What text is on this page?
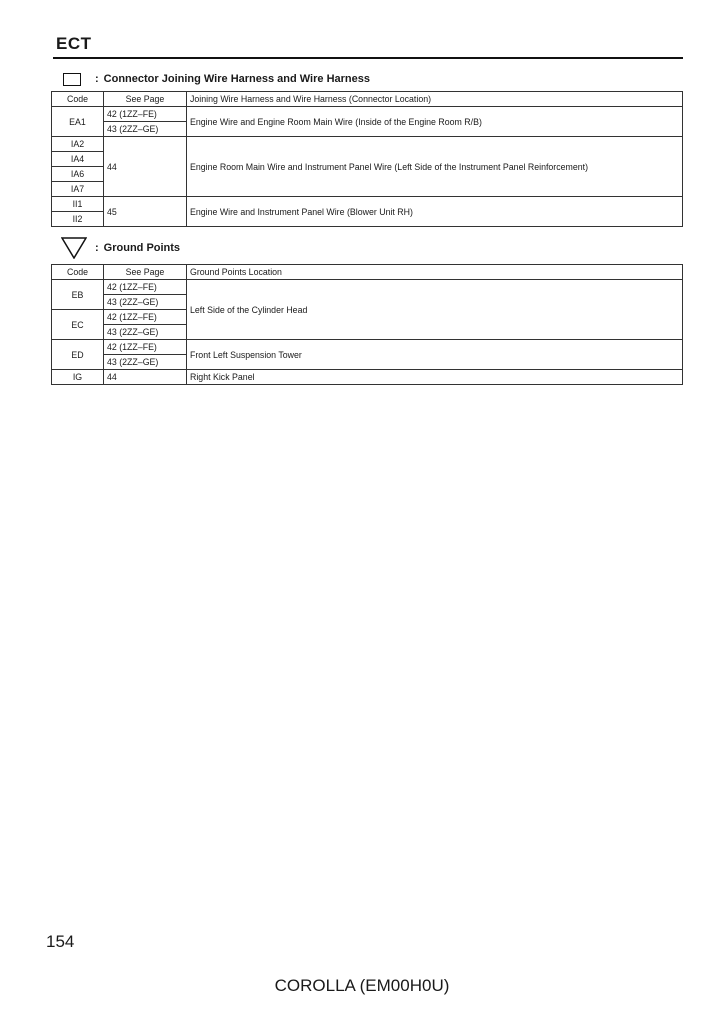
ECT
: Connector Joining Wire Harness and Wire Harness
Code	See Page	Joining Wire Harness and Wire Harness (Connector Location)
EA1	42 (1ZZ–FE)	Engine Wire and Engine Room Main Wire (Inside of the Engine Room R/B)
	43 (2ZZ–GE)	
IA2	44	Engine Room Main Wire and Instrument Panel Wire (Left Side of the Instrument Panel Reinforcement)
IA4		
IA6		
IA7		
II1	45	Engine Wire and Instrument Panel Wire (Blower Unit RH)
II2		
: Ground Points
Code	See Page	Ground Points Location
EB	42 (1ZZ–FE)	Left Side of the Cylinder Head
	43 (2ZZ–GE)	
EC	42 (1ZZ–FE)	
	43 (2ZZ–GE)	
ED	42 (1ZZ–FE)	Front Left Suspension Tower
	43 (2ZZ–GE)	
IG	44	Right Kick Panel
154
COROLLA (EM00H0U)
